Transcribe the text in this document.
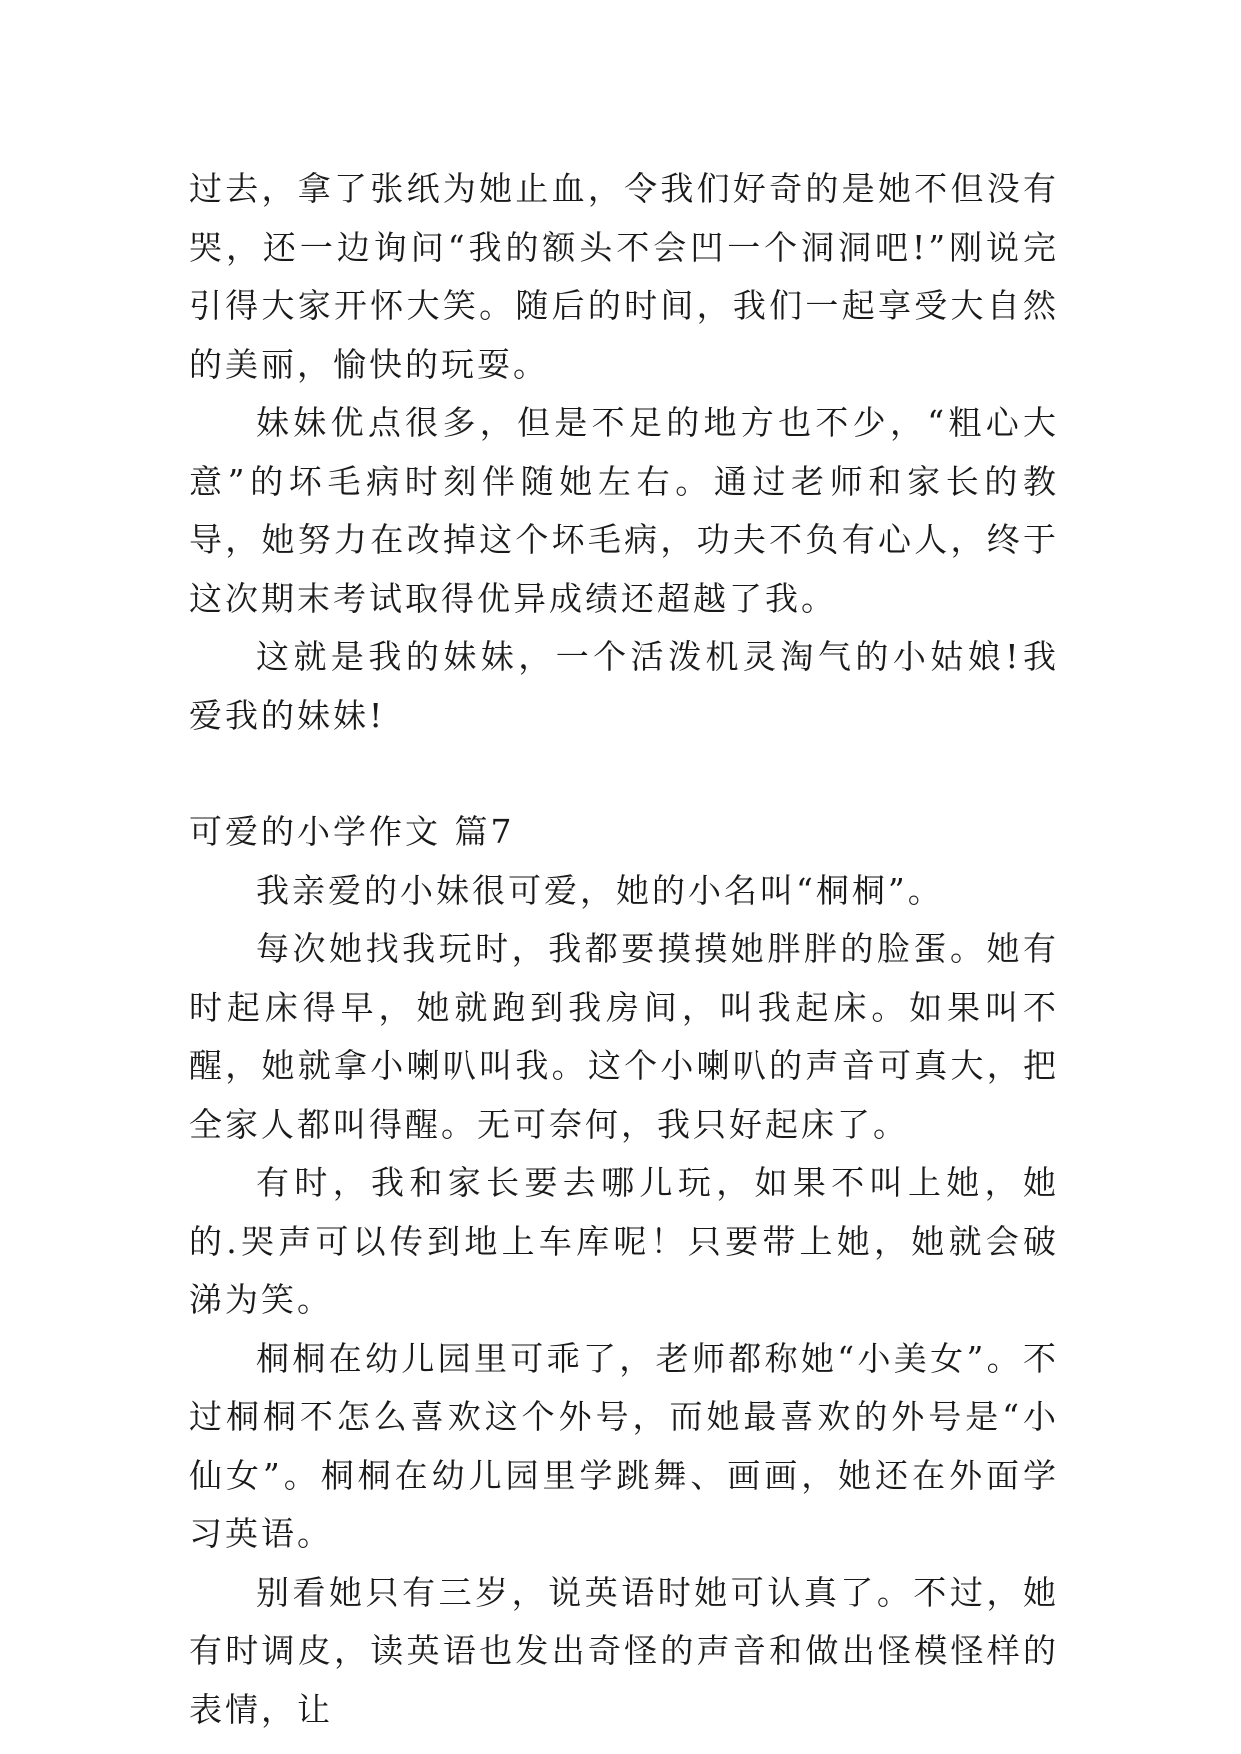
过去，拿了张纸为她止血，令我们好奇的是她不但没有哭，还一边询问“我的额头不会凹一个洞洞吧!”刚说完引得大家开怀大笑。随后的时间，我们一起享受大自然的美丽，愉快的玩耍。

妹妹优点很多，但是不足的地方也不少，“粗心大意”的坏毛病时刻伴随她左右。通过老师和家长的教导，她努力在改掉这个坏毛病，功夫不负有心人，终于这次期末考试取得优异成绩还超越了我。

这就是我的妹妹，一个活泼机灵淘气的小姑娘!我爱我的妹妹!

可爱的小学作文 篇7

我亲爱的小妹很可爱，她的小名叫“桐桐”。

每次她找我玩时，我都要摸摸她胖胖的脸蛋。她有时起床得早，她就跑到我房间，叫我起床。如果叫不醒，她就拿小喇叭叫我。这个小喇叭的声音可真大，把全家人都叫得醒。无可奈何，我只好起床了。

有时，我和家长要去哪儿玩，如果不叫上她，她的.哭声可以传到地上车库呢！只要带上她，她就会破涕为笑。

桐桐在幼儿园里可乖了，老师都称她“小美女”。不过桐桐不怎么喜欢这个外号，而她最喜欢的外号是“小仙女”。桐桐在幼儿园里学跳舞、画画，她还在外面学习英语。

别看她只有三岁，说英语时她可认真了。不过，她有时调皮，读英语也发出奇怪的声音和做出怪模怪样的表情，让
